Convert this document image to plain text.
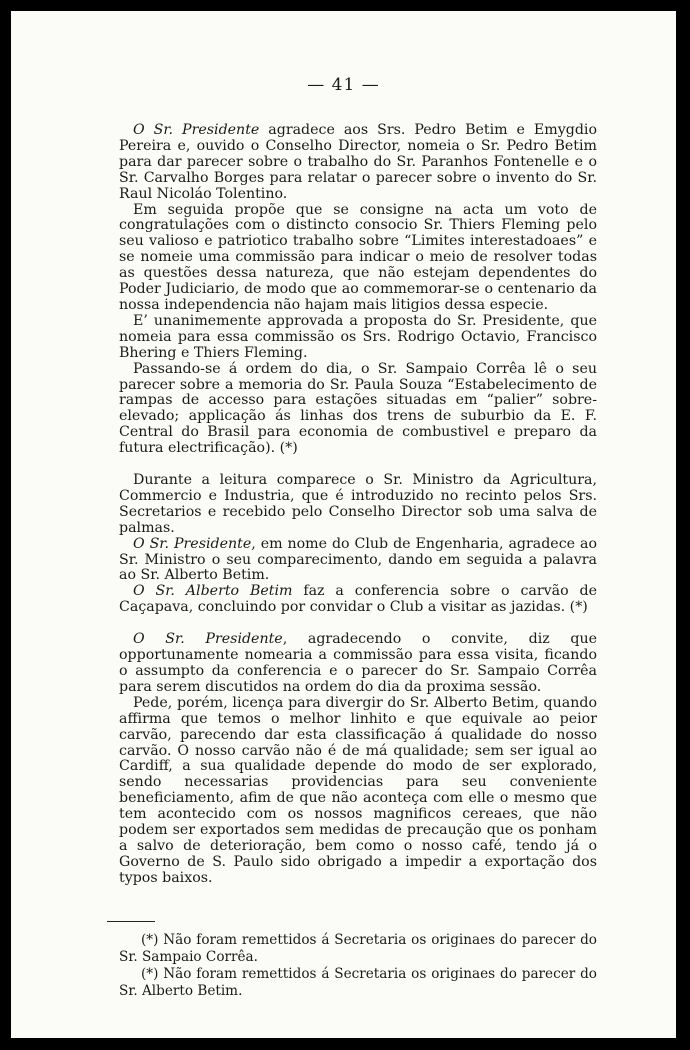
— 41 —

O Sr. Presidente agradece aos Srs. Pedro Betim e Emygdio Pereira e, ouvido o Conselho Director, nomeia o Sr. Pedro Betim para dar parecer sobre o trabalho do Sr. Paranhos Fontenelle e o Sr. Carvalho Borges para relatar o parecer sobre o invento do Sr. Raul Nicoláo Tolentino.

Em seguida propõe que se consigne na acta um voto de congratulações com o distincto consocio Sr. Thiers Fleming pelo seu valioso e patriotico trabalho sobre “Limites interestadoaes” e se nomeie uma commissão para indicar o meio de resolver todas as questões dessa natureza, que não estejam dependentes do Poder Judiciario, de modo que ao commemorar-se o centenario da nossa independencia não hajam mais litigios dessa especie.

E’ unanimemente approvada a proposta do Sr. Presidente, que nomeia para essa commissão os Srs. Rodrigo Octavio, Francisco Bhering e Thiers Fleming.

Passando-se á ordem do dia, o Sr. Sampaio Corrêa lê o seu parecer sobre a memoria do Sr. Paula Souza “Estabelecimento de rampas de accesso para estações situadas em “palier” sobre-elevado; applicação ás linhas dos trens de suburbio da E. F. Central do Brasil para economia de combustivel e preparo da futura electrificação). (*)

Durante a leitura comparece o Sr. Ministro da Agricultura, Commercio e Industria, que é introduzido no recinto pelos Srs. Secretarios e recebido pelo Conselho Director sob uma salva de palmas.

O Sr. Presidente, em nome do Club de Engenharia, agradece ao Sr. Ministro o seu comparecimento, dando em seguida a palavra ao Sr. Alberto Betim.

O Sr. Alberto Betim faz a conferencia sobre o carvão de Caçapava, concluindo por convidar o Club a visitar as jazidas. (*)

O Sr. Presidente, agradecendo o convite, diz que opportunamente nomearia a commissão para essa visita, ficando o assumpto da conferencia e o parecer do Sr. Sampaio Corrêa para serem discutidos na ordem do dia da proxima sessão.

Pede, porém, licença para divergir do Sr. Alberto Betim, quando affirma que temos o melhor linhito e que equivale ao peior carvão, parecendo dar esta classificação á qualidade do nosso carvão. O nosso carvão não é de má qualidade; sem ser igual ao Cardiff, a sua qualidade depende do modo de ser explorado, sendo necessarias providencias para seu conveniente beneficiamento, afim de que não aconteça com elle o mesmo que tem acontecido com os nossos magnificos cereaes, que não podem ser exportados sem medidas de precaução que os ponham a salvo de deterioração, bem como o nosso café, tendo já o Governo de S. Paulo sido obrigado a impedir a exportação dos typos baixos.

(*) Não foram remettidos á Secretaria os originaes do parecer do Sr. Sampaio Corrêa.

(*) Não foram remettidos á Secretaria os originaes do parecer do Sr. Alberto Betim.
